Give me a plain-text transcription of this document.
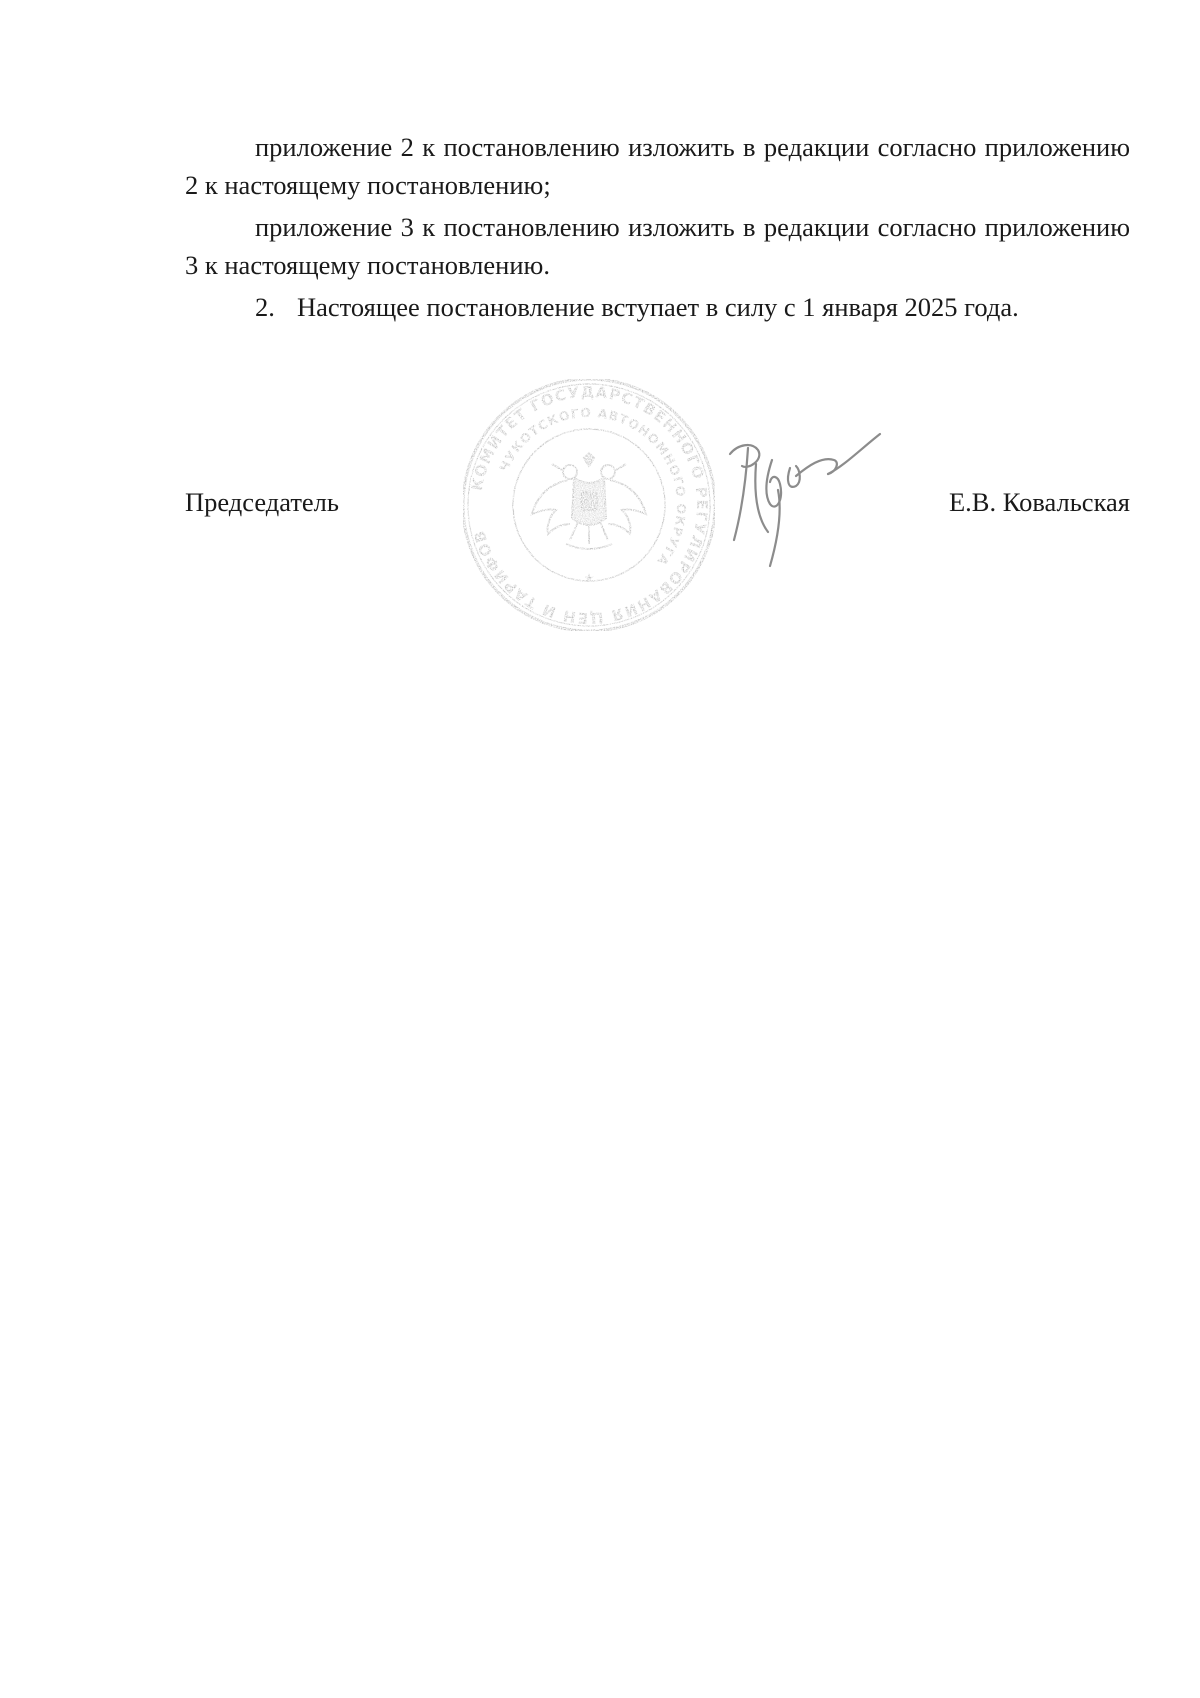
приложение 2 к постановлению изложить в редакции согласно приложению 2 к настоящему постановлению;

приложение 3 к постановлению изложить в редакции согласно приложению 3 к настоящему постановлению.

2. Настоящее постановление вступает в силу с 1 января 2025 года.

Председатель	Е.В. Ковальская
КОМИТЕТ ГОСУДАРСТВЕННОГО РЕГУЛИРОВАНИЯ ЦЕН И ТАРИФОВ
ЧУКОТСКОГО АВТОНОМНОГО ОКРУГА
★
